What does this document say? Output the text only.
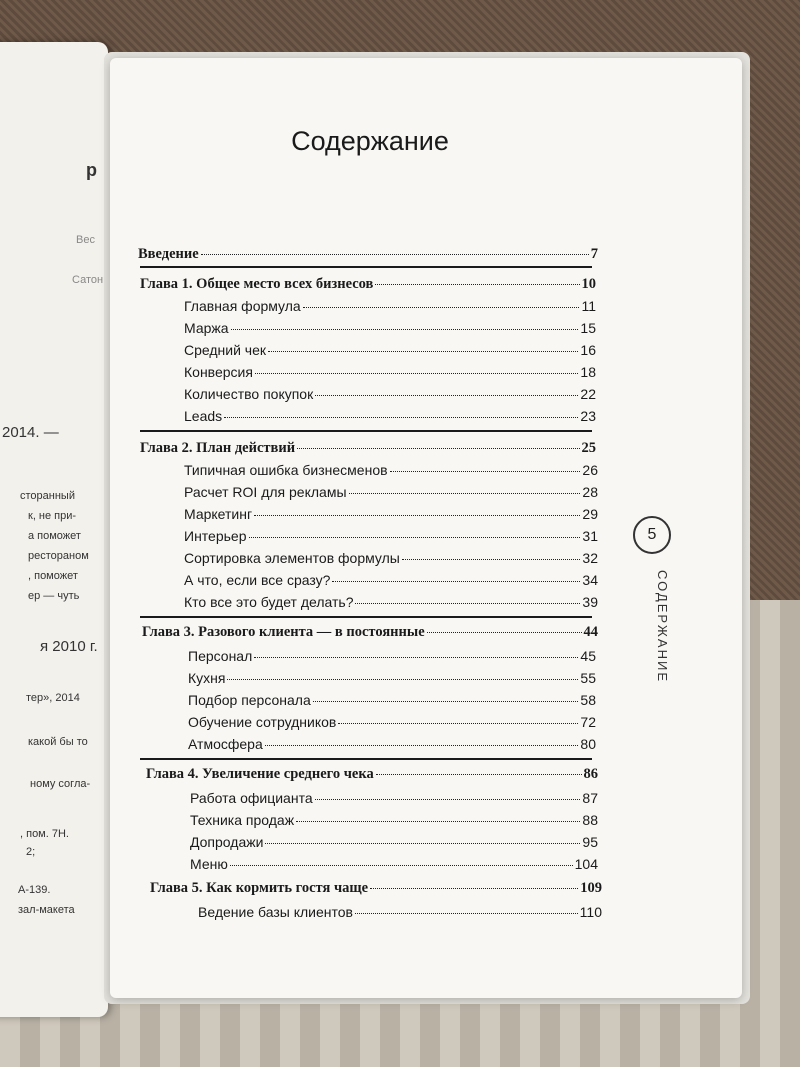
р
Вес
Сатон
2014. —
сторанный
к, не при-
а поможет
ресторaном
, поможет
ер — чуть
я 2010 г.
тер», 2014
какой бы то
ному согла-
, пом. 7Н.
2;
А-139.
зал-макета
Содержание
Введение	7
Глава 1. Общее место всех бизнесов	10
Главная формула	11
Маржа	15
Средний чек	16
Конверсия	18
Количество покупок	22
Leads	23
Глава 2. План действий	25
Типичная ошибка бизнесменов	26
Расчет ROI для рекламы	28
Маркетинг	29
Интерьер	31
Сортировка элементов формулы	32
А что, если все сразу?	34
Кто все это будет делать?	39
Глава 3. Разового клиента — в постоянные	44
Персонал	45
Кухня	55
Подбор персонала	58
Обучение сотрудников	72
Атмосфера	80
Глава 4. Увеличение среднего чека	86
Работа официанта	87
Техника продаж	88
Допродажи	95
Меню	104
Глава 5. Как кормить гостя чаще	109
Ведение базы клиентов	110
5
СОДЕРЖАНИЕ
